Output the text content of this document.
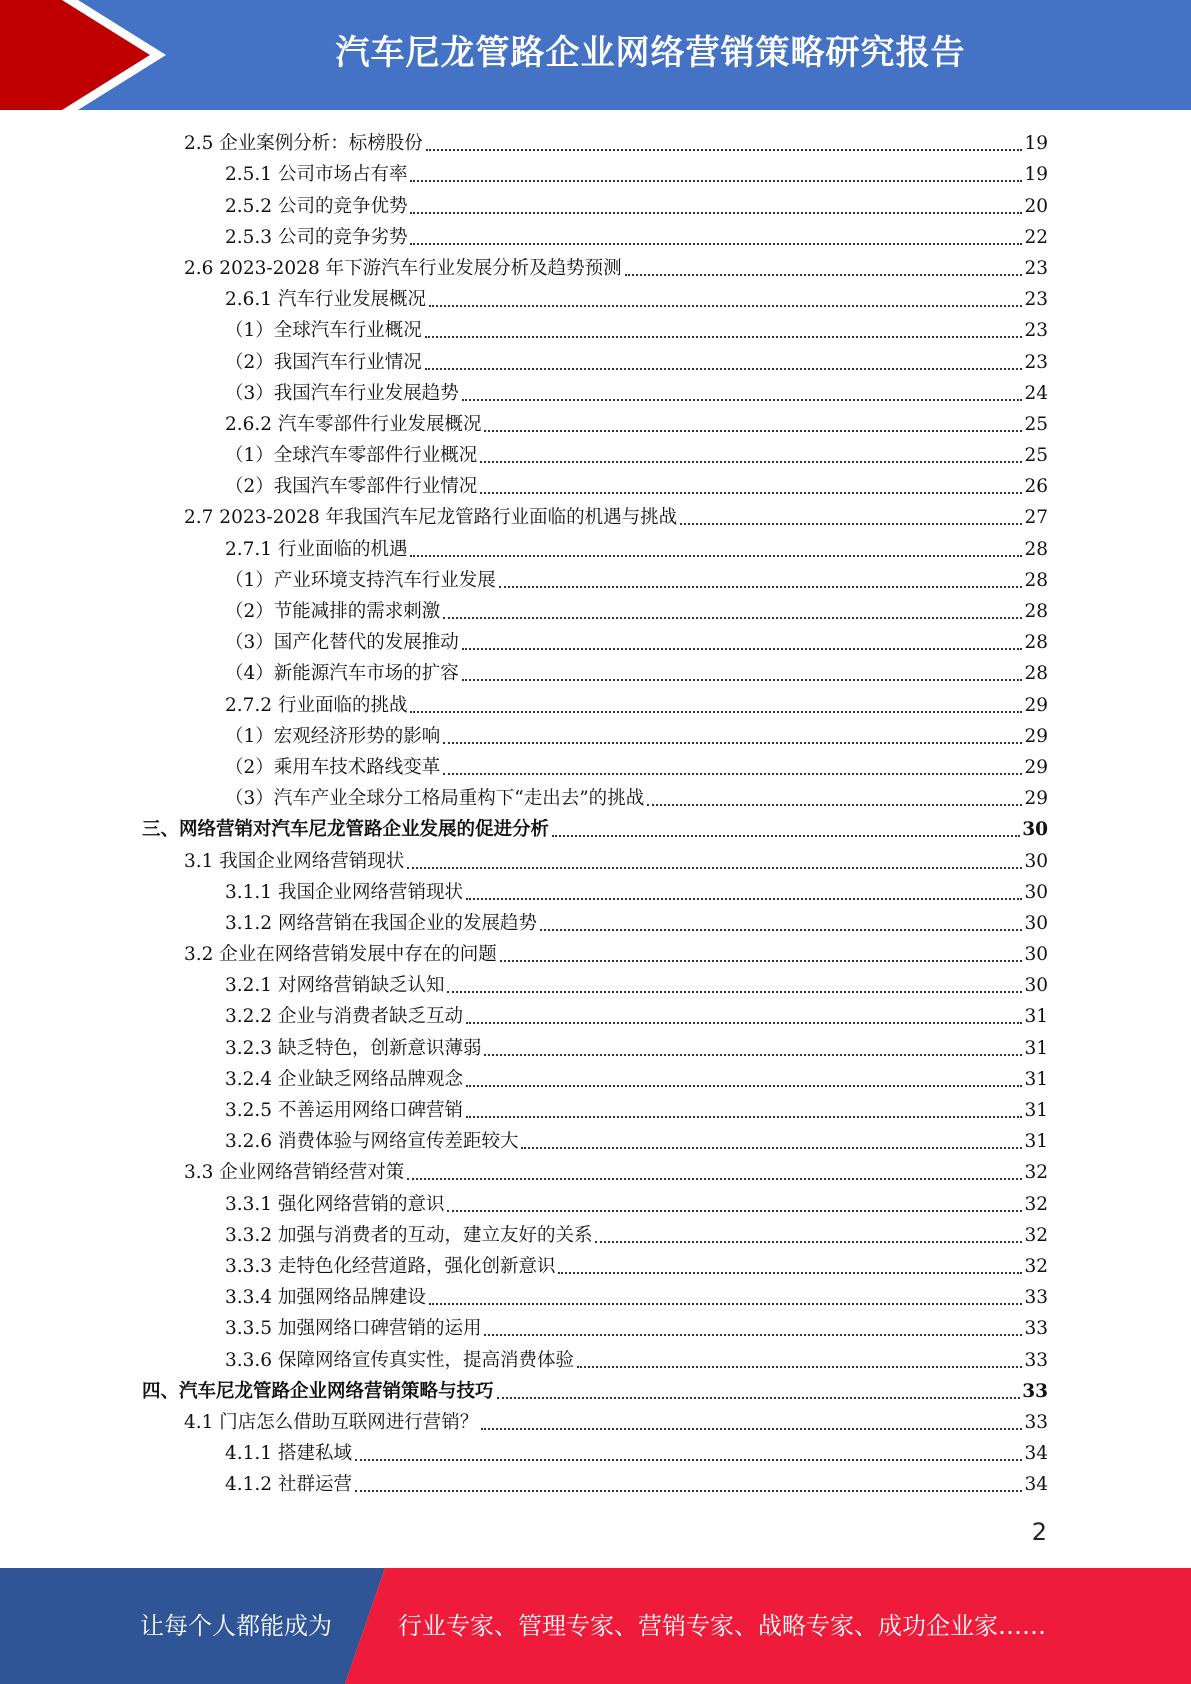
汽车尼龙管路企业网络营销策略研究报告
2.5 企业案例分析：标榜股份	19
2.5.1 公司市场占有率	19
2.5.2 公司的竞争优势	20
2.5.3 公司的竞争劣势	22
2.6 2023-2028 年下游汽车行业发展分析及趋势预测	23
2.6.1 汽车行业发展概况	23
（1）全球汽车行业概况	23
（2）我国汽车行业情况	23
（3）我国汽车行业发展趋势	24
2.6.2 汽车零部件行业发展概况	25
（1）全球汽车零部件行业概况	25
（2）我国汽车零部件行业情况	26
2.7 2023-2028 年我国汽车尼龙管路行业面临的机遇与挑战	27
2.7.1 行业面临的机遇	28
（1）产业环境支持汽车行业发展	28
（2）节能减排的需求刺激	28
（3）国产化替代的发展推动	28
（4）新能源汽车市场的扩容	28
2.7.2 行业面临的挑战	29
（1）宏观经济形势的影响	29
（2）乘用车技术路线变革	29
（3）汽车产业全球分工格局重构下“走出去”的挑战	29
三、网络营销对汽车尼龙管路企业发展的促进分析	30
3.1 我国企业网络营销现状	30
3.1.1 我国企业网络营销现状	30
3.1.2 网络营销在我国企业的发展趋势	30
3.2 企业在网络营销发展中存在的问题	30
3.2.1 对网络营销缺乏认知	30
3.2.2 企业与消费者缺乏互动	31
3.2.3 缺乏特色，创新意识薄弱	31
3.2.4 企业缺乏网络品牌观念	31
3.2.5 不善运用网络口碑营销	31
3.2.6 消费体验与网络宣传差距较大	31
3.3 企业网络营销经营对策	32
3.3.1 强化网络营销的意识	32
3.3.2 加强与消费者的互动，建立友好的关系	32
3.3.3 走特色化经营道路，强化创新意识	32
3.3.4 加强网络品牌建设	33
3.3.5 加强网络口碑营销的运用	33
3.3.6 保障网络宣传真实性，提高消费体验	33
四、汽车尼龙管路企业网络营销策略与技巧	33
4.1 门店怎么借助互联网进行营销？	33
4.1.1 搭建私域	34
4.1.2 社群运营	34
2
让每个人都能成为	行业专家、管理专家、营销专家、战略专家、成功企业家……
